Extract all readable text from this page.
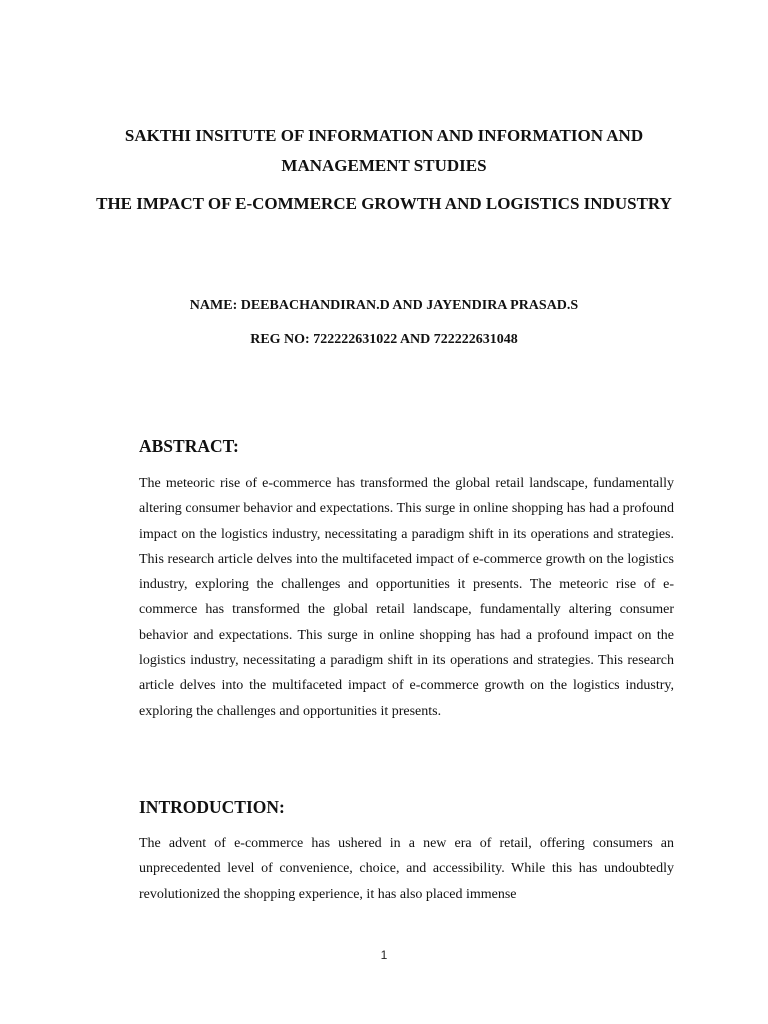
SAKTHI INSITUTE OF INFORMATION AND INFORMATION AND MANAGEMENT STUDIES
THE IMPACT OF E-COMMERCE GROWTH AND LOGISTICS INDUSTRY
NAME: DEEBACHANDIRAN.D AND JAYENDIRA PRASAD.S
REG NO: 722222631022 AND 722222631048
ABSTRACT:
The meteoric rise of e-commerce has transformed the global retail landscape, fundamentally altering consumer behavior and expectations. This surge in online shopping has had a profound impact on the logistics industry, necessitating a paradigm shift in its operations and strategies. This research article delves into the multifaceted impact of e-commerce growth on the logistics industry, exploring the challenges and opportunities it presents. The meteoric rise of e-commerce has transformed the global retail landscape, fundamentally altering consumer behavior and expectations. This surge in online shopping has had a profound impact on the logistics industry, necessitating a paradigm shift in its operations and strategies. This research article delves into the multifaceted impact of e-commerce growth on the logistics industry, exploring the challenges and opportunities it presents.
INTRODUCTION:
The advent of e-commerce has ushered in a new era of retail, offering consumers an unprecedented level of convenience, choice, and accessibility. While this has undoubtedly revolutionized the shopping experience, it has also placed immense
1
